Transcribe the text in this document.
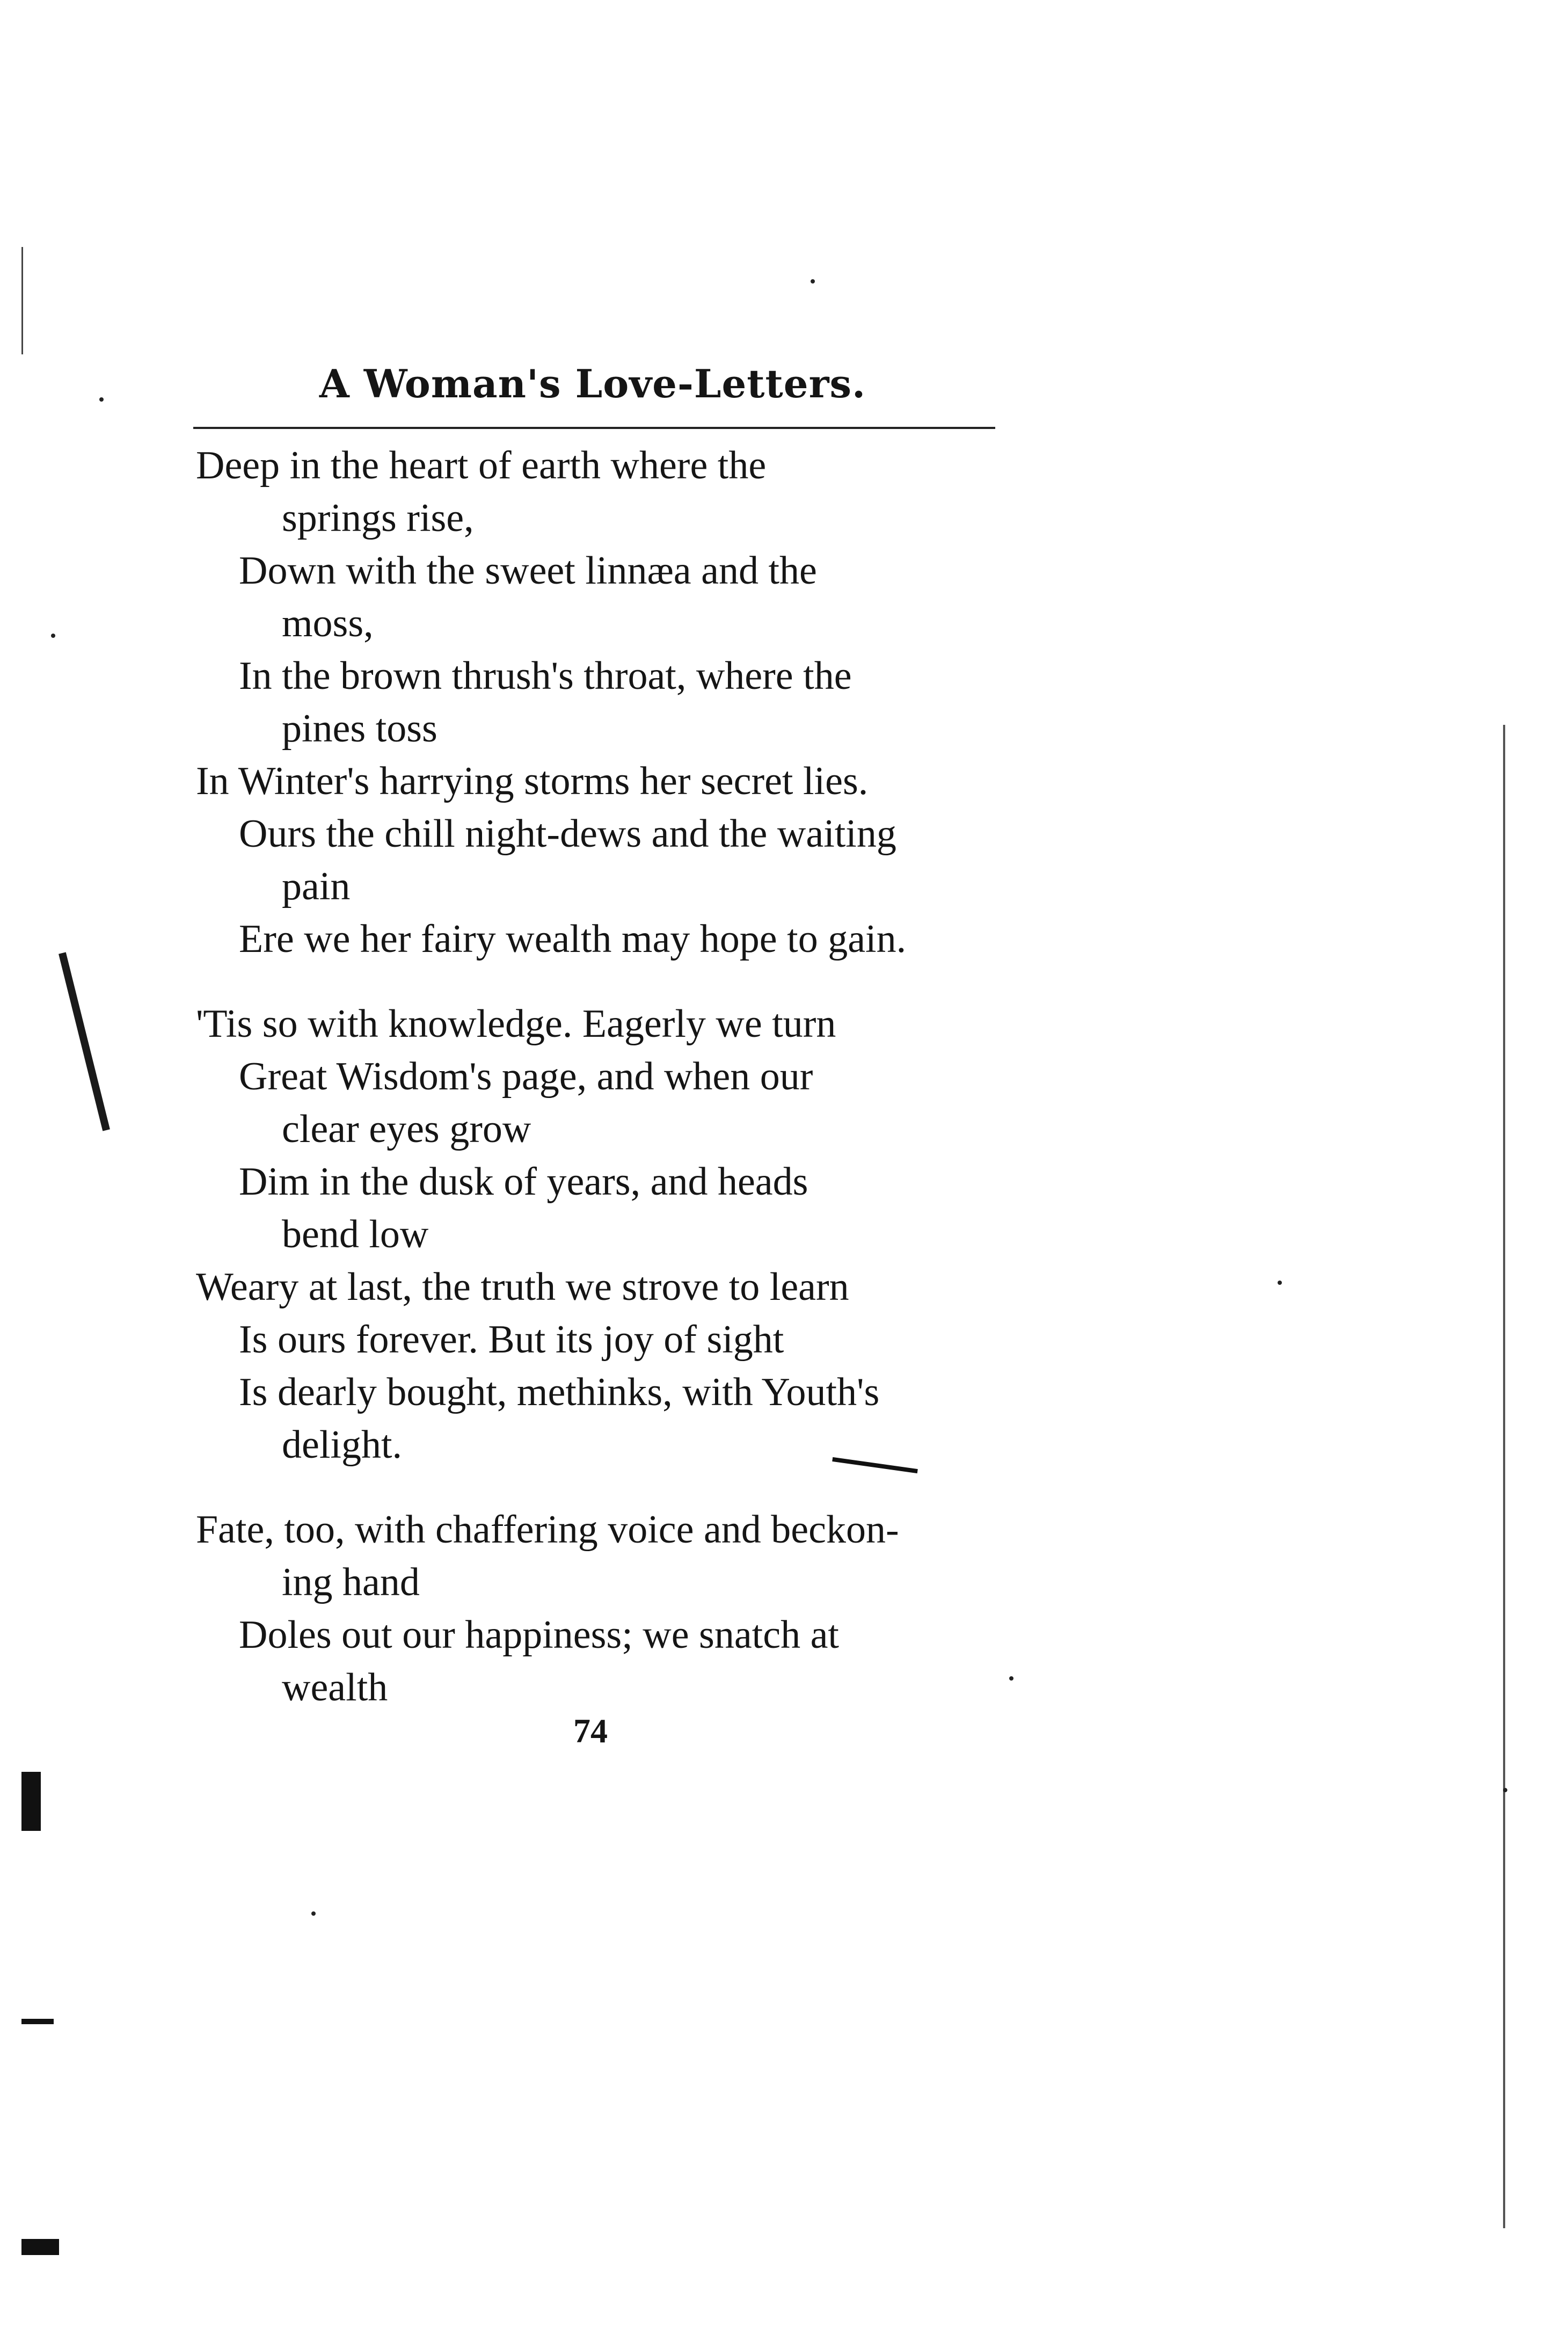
A Woman's Love-Letters.
Deep in the heart of earth where the
springs rise,
Down with the sweet linnæa and the
moss,
In the brown thrush's throat, where the
pines toss
In Winter's harrying storms her secret lies.
Ours the chill night-dews and the waiting
pain
Ere we her fairy wealth may hope to gain.
'Tis so with knowledge. Eagerly we turn
Great Wisdom's page, and when our
clear eyes grow
Dim in the dusk of years, and heads
bend low
Weary at last, the truth we strove to learn
Is ours forever. But its joy of sight
Is dearly bought, methinks, with Youth's
delight.
Fate, too, with chaffering voice and beckon-
ing hand
Doles out our happiness; we snatch at
wealth
74
